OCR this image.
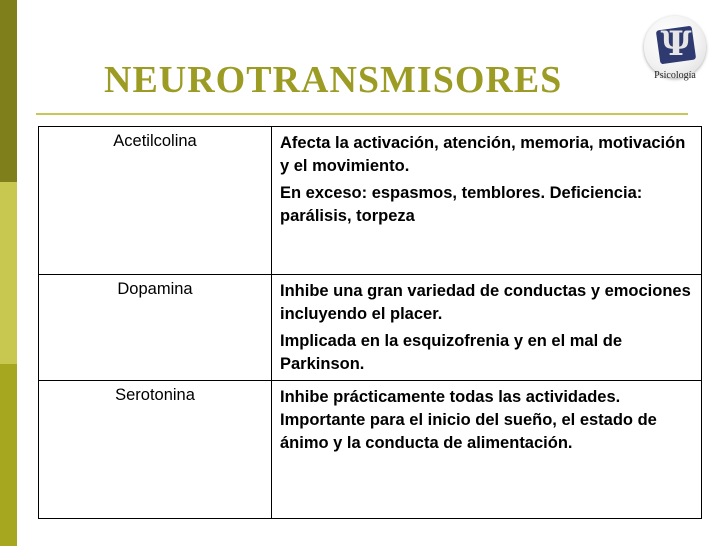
Ψ
Psicología
NEUROTRANSMISORES
Acetilcolina	Afecta la activación, atención, memoria, motivación y el movimiento.

En exceso: espasmos, temblores. Deficiencia: parálisis, torpeza

Dopamina	Inhibe una gran variedad de conductas y emociones incluyendo el placer.

Implicada en la esquizofrenia y en el mal de Parkinson.

Serotonina	Inhibe prácticamente todas las actividades. Importante para el inicio del sueño, el estado de ánimo y la conducta de alimentación.
